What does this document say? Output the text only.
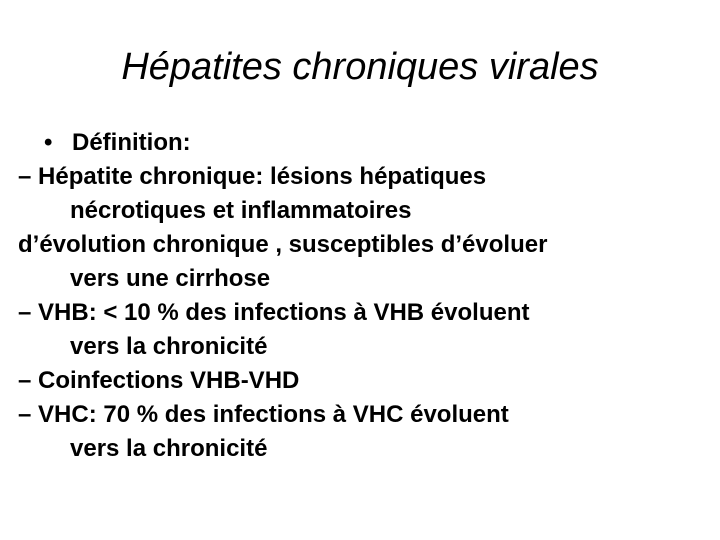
Hépatites chroniques virales
• Définition:
– Hépatite chronique: lésions hépatiques
nécrotiques et inflammatoires
d’évolution chronique , susceptibles d’évoluer
vers une cirrhose
– VHB: < 10 % des infections à VHB évoluent
vers la chronicité
– Coinfections VHB-VHD
– VHC: 70 % des infections à VHC évoluent
vers la chronicité
